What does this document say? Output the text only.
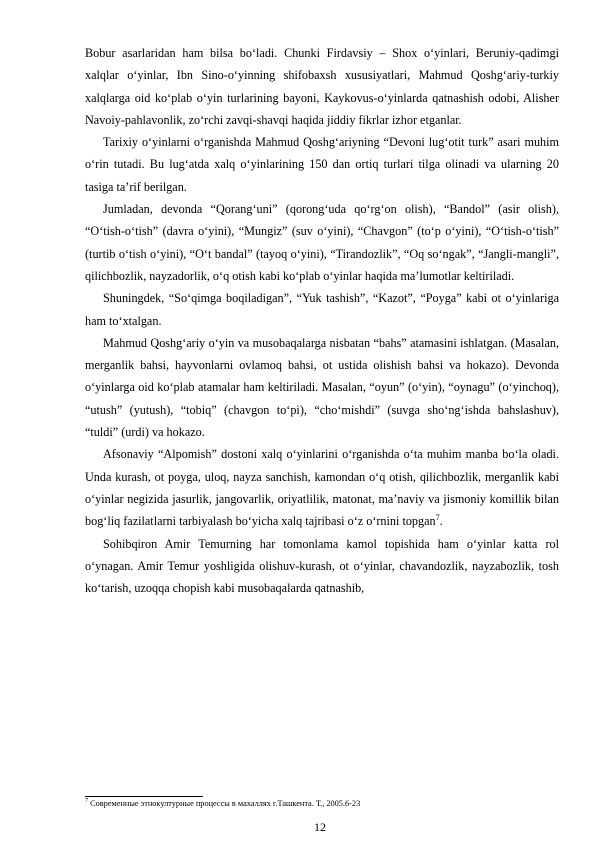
Bobur asarlaridan ham bilsa bo‘ladi. Chunki Firdavsiy – Shox o‘yinlari, Beruniy-qadimgi xalqlar o‘yinlar, Ibn Sino-o‘yinning shifobaxsh xususiyatlari, Mahmud Qoshg‘ariy-turkiy xalqlarga oid ko‘plab o‘yin turlarining bayoni, Kaykovus-o‘yinlarda qatnashish odobi, Alisher Navoiy-pahlavonlik, zo‘rchi zavqi-shavqi haqida jiddiy fikrlar izhor etganlar.

Tarixiy o‘yinlarni o‘rganishda Mahmud Qoshg‘ariyning “Devoni lug‘otit turk” asari muhim o‘rin tutadi. Bu lug‘atda xalq o‘yinlarining 150 dan ortiq turlari tilga olinadi va ularning 20 tasiga ta’rif berilgan.

Jumladan, devonda “Qorang‘uni” (qorong‘uda qo‘rg‘on olish), “Bandol” (asir olish), “O‘tish-o‘tish” (davra o‘yini), “Mungiz” (suv o‘yini), “Chavgon” (to‘p o‘yini), “O‘tish-o‘tish” (turtib o‘tish o‘yini), “O‘t bandal” (tayoq o‘yini), “Tirandozlik”, “Oq so‘ngak”, “Jangli-mangli”, qilichbozlik, nayzadorlik, o‘q otish kabi ko‘plab o‘yinlar haqida ma’lumotlar keltiriladi.

Shuningdek, “So‘qimga boqiladigan”, “Yuk tashish”, “Kazot”, “Poyga” kabi ot o‘yinlariga ham to‘xtalgan.

Mahmud Qoshg‘ariy o‘yin va musobaqalarga nisbatan “bahs” atamasini ishlatgan. (Masalan, merganlik bahsi, hayvonlarni ovlamoq bahsi, ot ustida olishish bahsi va hokazo). Devonda o‘yinlarga oid ko‘plab atamalar ham keltiriladi. Masalan, “oyun” (o‘yin), “oynagu” (o‘yinchoq), “utush” (yutush), “tobiq” (chavgon to‘pi), “cho‘mishdi” (suvga sho‘ng‘ishda bahslashuv), “tuldi” (urdi) va hokazo.

Afsonaviy “Alpomish” dostoni xalq o‘yinlarini o‘rganishda o‘ta muhim manba bo‘la oladi. Unda kurash, ot poyga, uloq, nayza sanchish, kamondan o‘q otish, qilichbozlik, merganlik kabi o‘yinlar negizida jasurlik, jangovarlik, oriyatlilik, matonat, ma’naviy va jismoniy komillik bilan bog‘liq fazilatlarni tarbiyalash bo‘yicha xalq tajribasi o‘z o‘rnini topgan$^7$.

Sohibqiron Amir Temurning har tomonlama kamol topishida ham o‘yinlar katta rol o‘ynagan. Amir Temur yoshligida olishuv-kurash, ot o‘yinlar, chavandozlik, nayzabozlik, tosh ko‘tarish, uzoqqa chopish kabi musobaqalarda qatnashib,

$^7$ Современные этнокултурные процессы в махаллях г.Ташкента. Т., 2005.6-23

12
